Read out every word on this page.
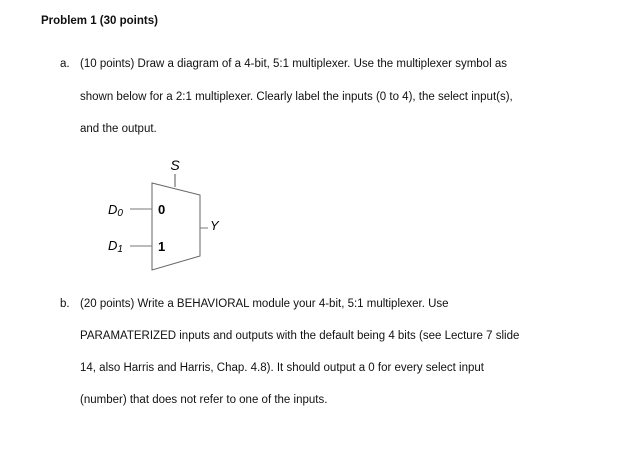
Problem 1 (30 points)
a. (10 points) Draw a diagram of a 4-bit, 5:1 multiplexer. Use the multiplexer symbol as
shown below for a 2:1 multiplexer. Clearly label the inputs (0 to 4), the select input(s),
and the output.
S
D0	0
D1	1
Y
b. (20 points) Write a BEHAVIORAL module your 4-bit, 5:1 multiplexer. Use
PARAMATERIZED inputs and outputs with the default being 4 bits (see Lecture 7 slide
14, also Harris and Harris, Chap. 4.8). It should output a 0 for every select input
(number) that does not refer to one of the inputs.
